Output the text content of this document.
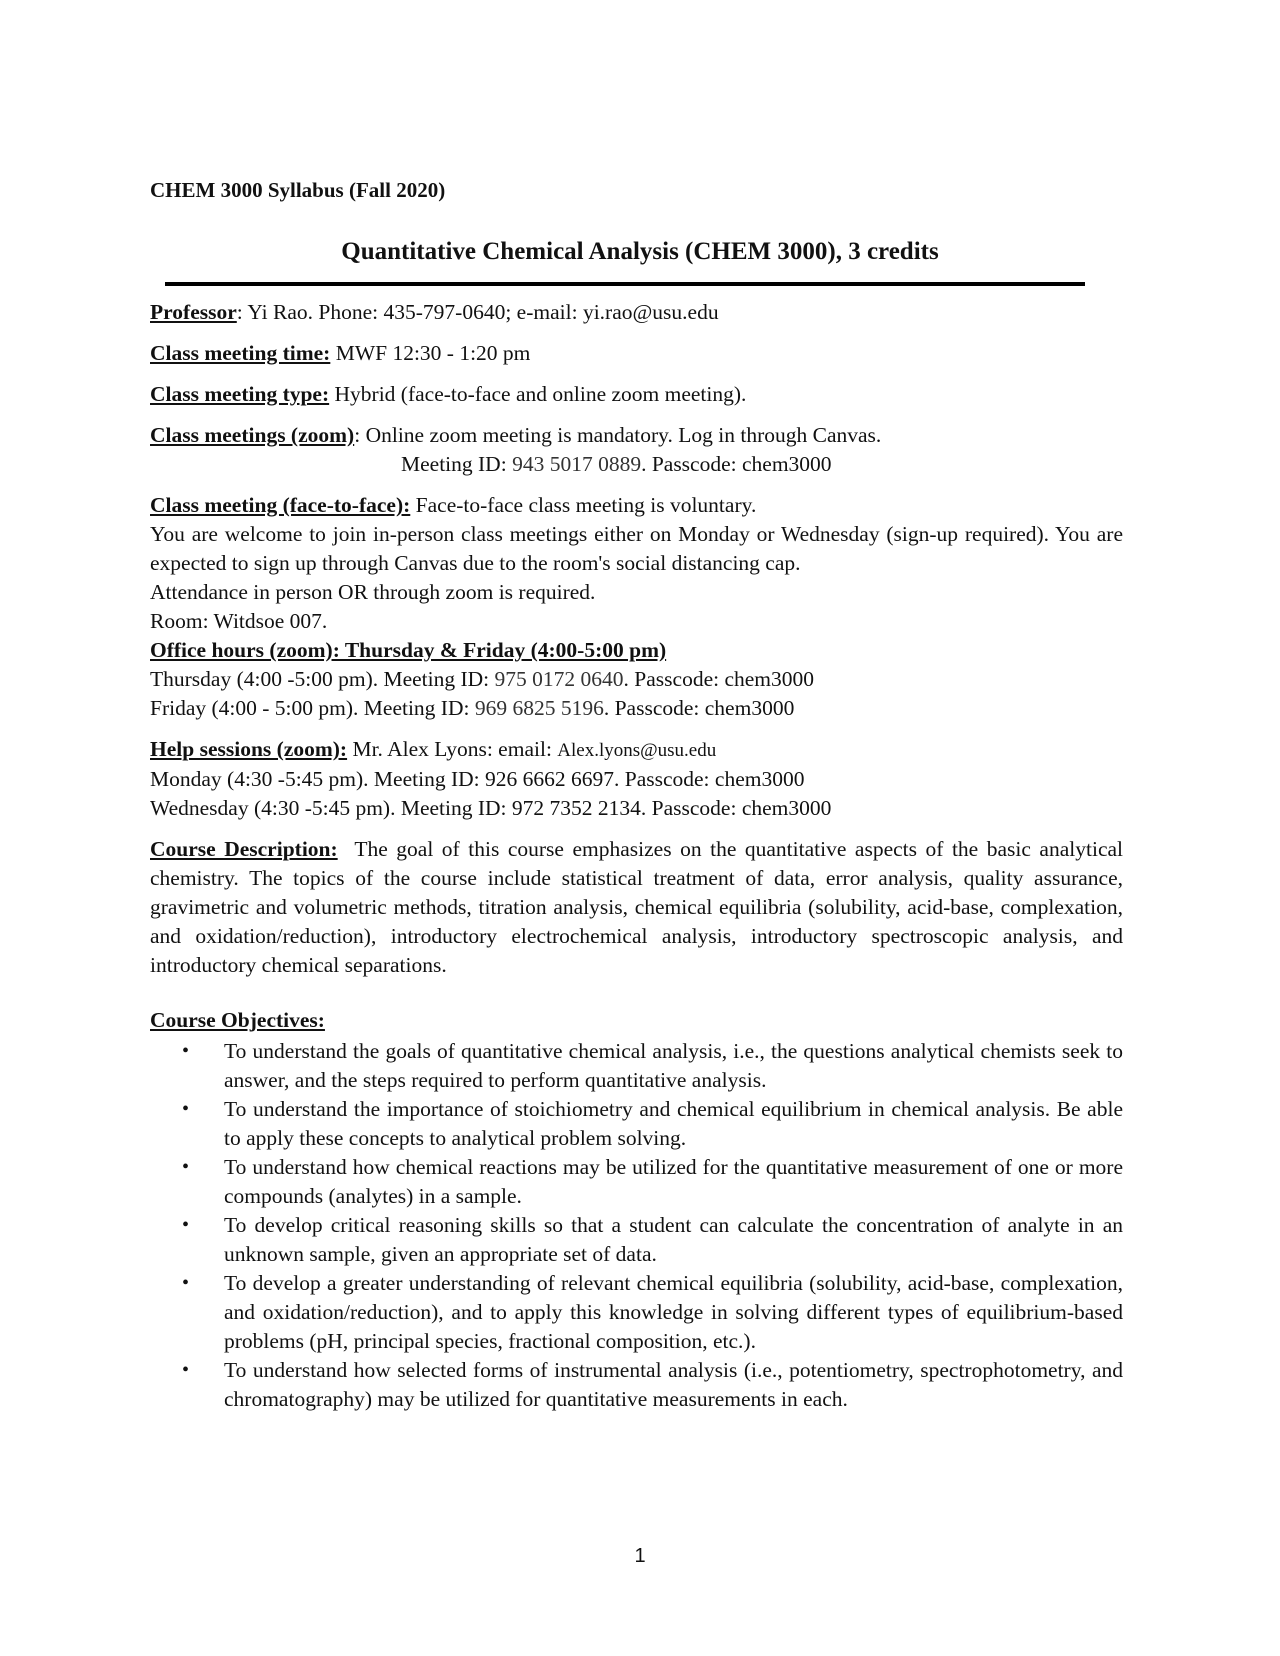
CHEM 3000 Syllabus (Fall 2020)
Quantitative Chemical Analysis (CHEM 3000), 3 credits

Professor: Yi Rao. Phone: 435-797-0640; e-mail: yi.rao@usu.edu

Class meeting time: MWF 12:30 - 1:20 pm

Class meeting type: Hybrid (face-to-face and online zoom meeting).

Class meetings (zoom): Online zoom meeting is mandatory. Log in through Canvas.

Meeting ID: 943 5017 0889. Passcode: chem3000

Class meeting (face-to-face): Face-to-face class meeting is voluntary.

You are welcome to join in-person class meetings either on Monday or Wednesday (sign-up required). You are expected to sign up through Canvas due to the room's social distancing cap.

Attendance in person OR through zoom is required.

Room: Witdsoe 007.

Office hours (zoom): Thursday & Friday (4:00-5:00 pm)

Thursday (4:00 -5:00 pm). Meeting ID: 975 0172 0640. Passcode: chem3000

Friday (4:00 - 5:00 pm). Meeting ID: 969 6825 5196. Passcode: chem3000

Help sessions (zoom): Mr. Alex Lyons: email: Alex.lyons@usu.edu

Monday (4:30 -5:45 pm). Meeting ID: 926 6662 6697. Passcode: chem3000

Wednesday (4:30 -5:45 pm). Meeting ID: 972 7352 2134. Passcode: chem3000

Course Description:  The goal of this course emphasizes on the quantitative aspects of the basic analytical chemistry. The topics of the course include statistical treatment of data, error analysis, quality assurance, gravimetric and volumetric methods, titration analysis, chemical equilibria (solubility, acid-base, complexation, and oxidation/reduction), introductory electrochemical analysis, introductory spectroscopic analysis, and introductory chemical separations.

Course Objectives:

• To understand the goals of quantitative chemical analysis, i.e., the questions analytical chemists seek to answer, and the steps required to perform quantitative analysis.
• To understand the importance of stoichiometry and chemical equilibrium in chemical analysis. Be able to apply these concepts to analytical problem solving.
• To understand how chemical reactions may be utilized for the quantitative measurement of one or more compounds (analytes) in a sample.
• To develop critical reasoning skills so that a student can calculate the concentration of analyte in an unknown sample, given an appropriate set of data.
• To develop a greater understanding of relevant chemical equilibria (solubility, acid-base, complexation, and oxidation/reduction), and to apply this knowledge in solving different types of equilibrium-based problems (pH, principal species, fractional composition, etc.).
• To understand how selected forms of instrumental analysis (i.e., potentiometry, spectrophotometry, and chromatography) may be utilized for quantitative measurements in each.
1
